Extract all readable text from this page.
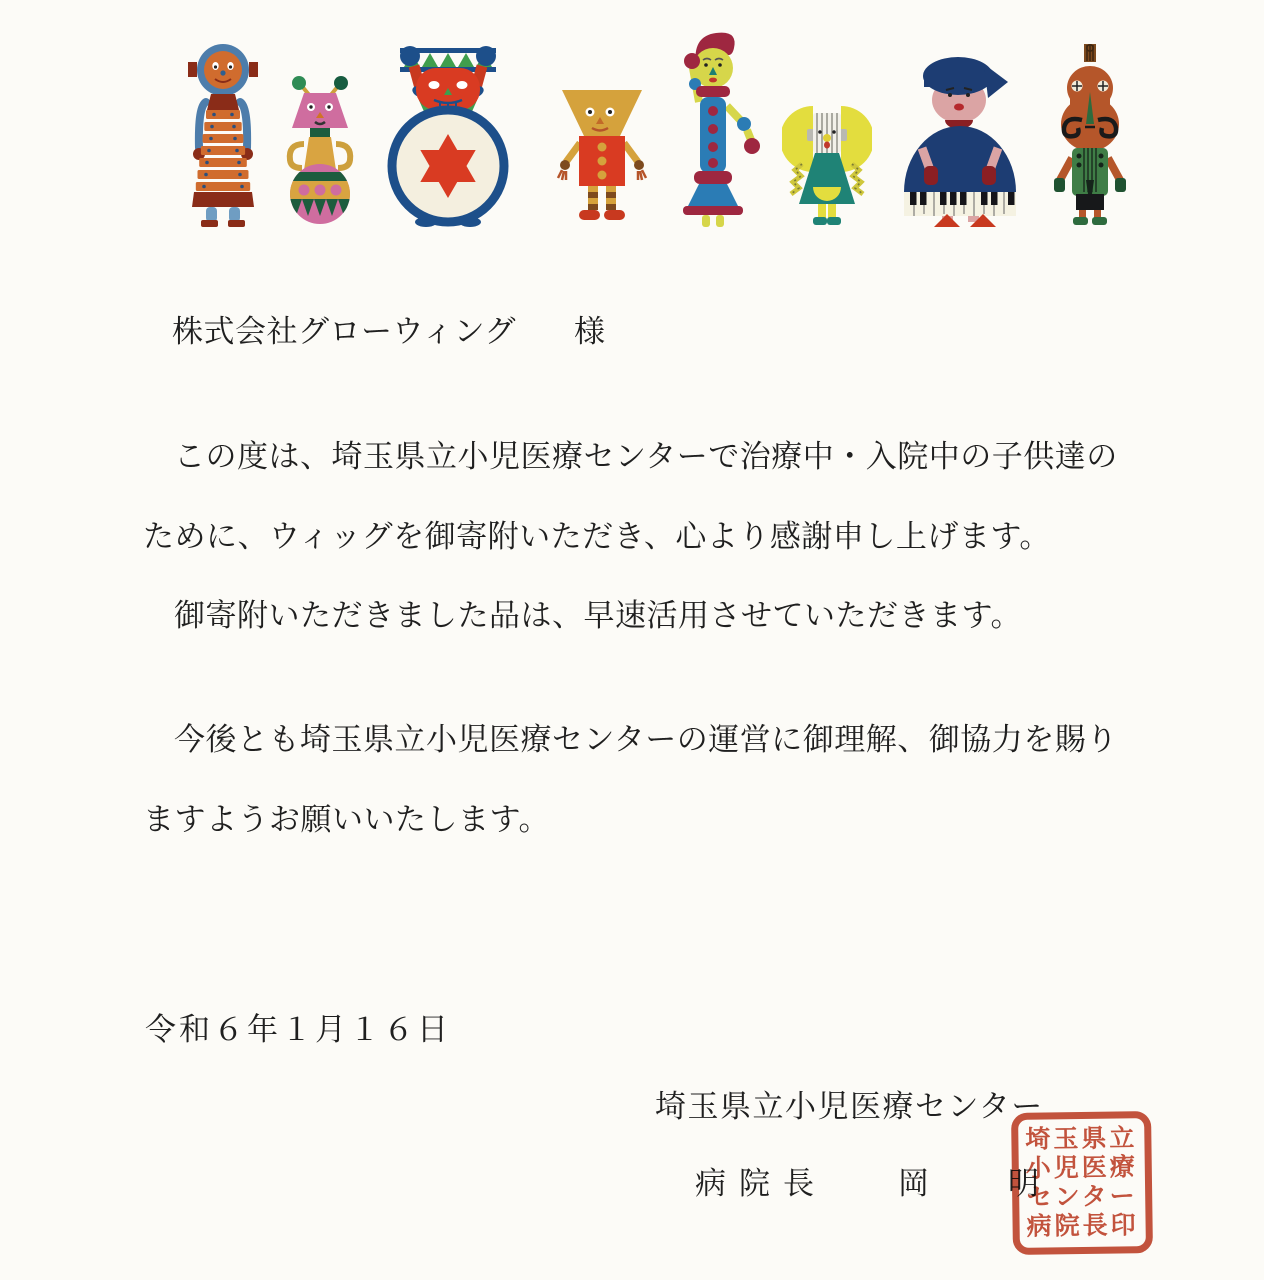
株式会社グローウィング 様
この度は、埼玉県立小児医療センターで治療中・入院中の子供達の
ために、ウィッグを御寄附いただき、心より感謝申し上げます。
御寄附いただきました品は、早速活用させていただきます。
今後とも埼玉県立小児医療センターの運営に御理解、御協力を賜り
ますようお願いいたします。
令和６年１月１６日
埼玉県立小児医療センター
病院長 岡	明
埼玉県立
小児医療
センター
病院長印
